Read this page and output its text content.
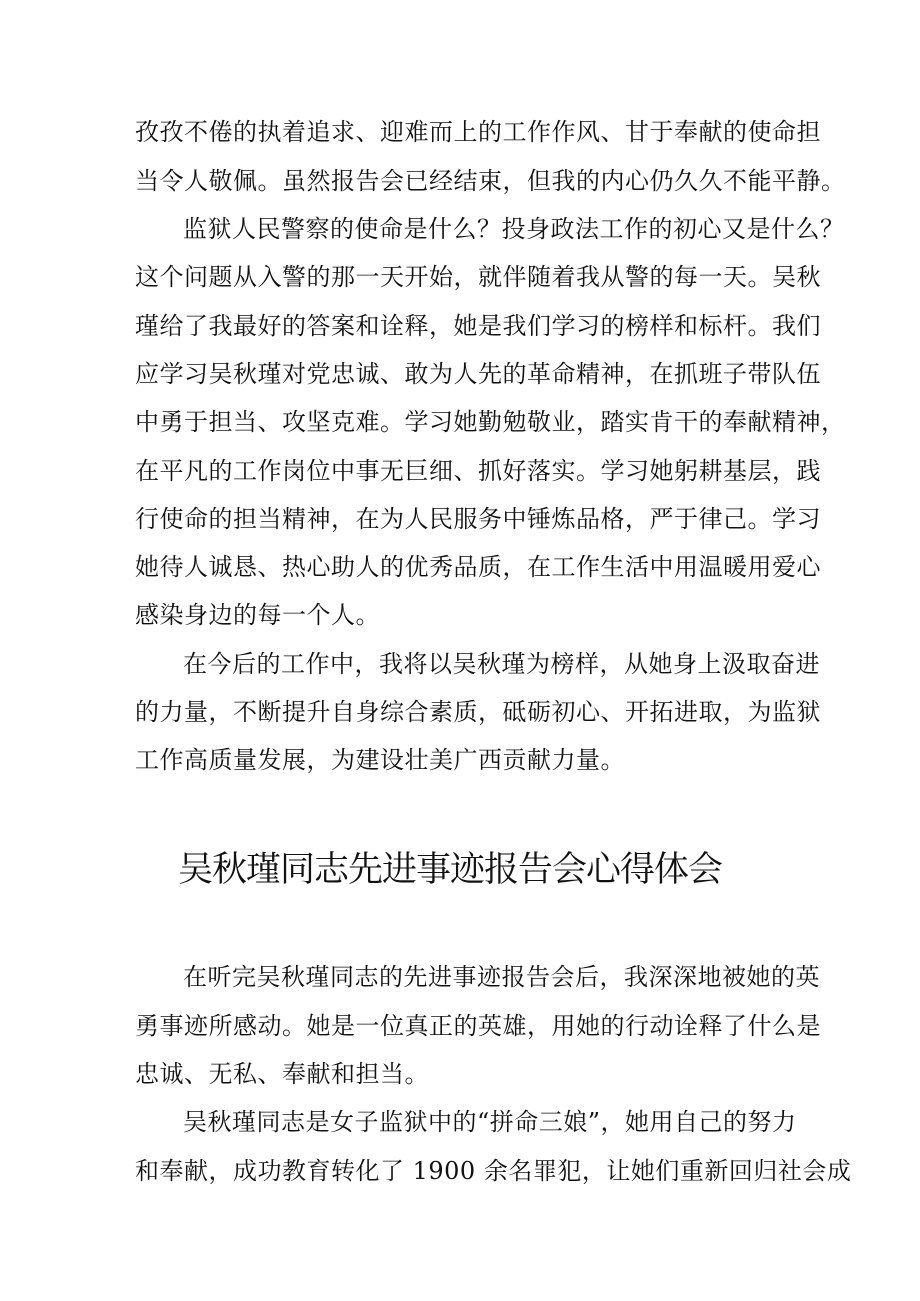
孜孜不倦的执着追求、迎难而上的工作作风、甘于奉献的使命担
当令人敬佩。虽然报告会已经结束，但我的内心仍久久不能平静。
监狱人民警察的使命是什么？投身政法工作的初心又是什么？
这个问题从入警的那一天开始，就伴随着我从警的每一天。吴秋
瑾给了我最好的答案和诠释，她是我们学习的榜样和标杆。我们
应学习吴秋瑾对党忠诚、敢为人先的革命精神，在抓班子带队伍
中勇于担当、攻坚克难。学习她勤勉敬业，踏实肯干的奉献精神，
在平凡的工作岗位中事无巨细、抓好落实。学习她躬耕基层，践
行使命的担当精神，在为人民服务中锤炼品格，严于律己。学习
她待人诚恳、热心助人的优秀品质，在工作生活中用温暖用爱心
感染身边的每一个人。
在今后的工作中，我将以吴秋瑾为榜样，从她身上汲取奋进
的力量，不断提升自身综合素质，砥砺初心、开拓进取，为监狱
工作高质量发展，为建设壮美广西贡献力量。
吴秋瑾同志先进事迹报告会心得体会
在听完吴秋瑾同志的先进事迹报告会后，我深深地被她的英
勇事迹所感动。她是一位真正的英雄，用她的行动诠释了什么是
忠诚、无私、奉献和担当。
吴秋瑾同志是女子监狱中的“拼命三娘”，她用自己的努力
和奉献，成功教育转化了 1900 余名罪犯，让她们重新回归社会成
